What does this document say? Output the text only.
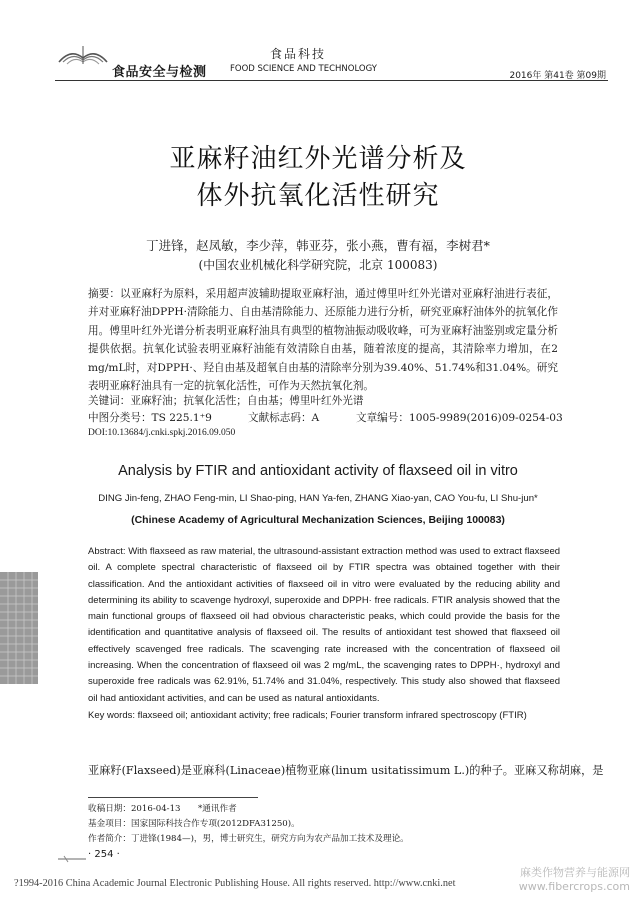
食品安全与检测
食品科技
FOOD SCIENCE AND TECHNOLOGY
2016年 第41卷 第09期
亚麻籽油红外光谱分析及
体外抗氧化活性研究
丁进锋，赵凤敏，李少萍，韩亚芬，张小燕，曹有福，李树君*
(中国农业机械化科学研究院，北京 100083)
摘要：以亚麻籽为原料，采用超声波辅助提取亚麻籽油，通过傅里叶红外光谱对亚麻籽油进行表征，并对亚麻籽油DPPH·清除能力、自由基清除能力、还原能力进行分析，研究亚麻籽油体外的抗氧化作用。傅里叶红外光谱分析表明亚麻籽油具有典型的植物油振动吸收峰，可为亚麻籽油鉴别或定量分析提供依据。抗氧化试验表明亚麻籽油能有效清除自由基，随着浓度的提高，其清除率力增加，在2 mg/mL时，对DPPH·、羟自由基及超氧自由基的清除率分别为39.40%、51.74%和31.04%。研究表明亚麻籽油具有一定的抗氧化活性，可作为天然抗氧化剂。
关键词：亚麻籽油；抗氧化活性；自由基；傅里叶红外光谱
中图分类号：TS 225.1⁺9	文献标志码：A	文章编号：1005-9989(2016)09-0254-03
DOI:10.13684/j.cnki.spkj.2016.09.050
Analysis by FTIR and antioxidant activity of flaxseed oil in vitro
DING Jin-feng, ZHAO Feng-min, LI Shao-ping, HAN Ya-fen, ZHANG Xiao-yan, CAO You-fu, LI Shu-jun*
(Chinese Academy of Agricultural Mechanization Sciences, Beijing 100083)
Abstract: With flaxseed as raw material, the ultrasound-assistant extraction method was used to extract flaxseed oil. A complete spectral characteristic of flaxseed oil by FTIR spectra was obtained together with their classification. And the antioxidant activities of flaxseed oil in vitro were evaluated by the reducing ability and determining its ability to scavenge hydroxyl, superoxide and DPPH· free radicals. FTIR analysis showed that the main functional groups of flaxseed oil had obvious characteristic peaks, which could provide the basis for the identification and quantitative analysis of flaxseed oil. The results of antioxidant test showed that flaxseed oil effectively scavenged free radicals. The scavenging rate increased with the concentration of flaxseed oil increasing. When the concentration of flaxseed oil was 2 mg/mL, the scavenging rates to DPPH·, hydroxyl and superoxide free radicals was 62.91%, 51.74% and 31.04%, respectively. This study also showed that flaxseed oil had antioxidant activities, and can be used as natural antioxidants.
Key words: flaxseed oil; antioxidant activity; free radicals; Fourier transform infrared spectroscopy (FTIR)
亚麻籽(Flaxseed)是亚麻科(Linaceae)植物亚麻 (linum usitatissimum L.)的种子。亚麻又称胡麻，是
收稿日期：2016-04-13 *通讯作者
基金项目：国家国际科技合作专项(2012DFA31250)。
作者简介：丁进锋(1984—)，男，博士研究生，研究方向为农产品加工技术及理论。
· 254 ·
?1994-2016 China Academic Journal Electronic Publishing House. All rights reserved. http://www.cnki.net
麻类作物营养与能源网
www.fibercrops.com
